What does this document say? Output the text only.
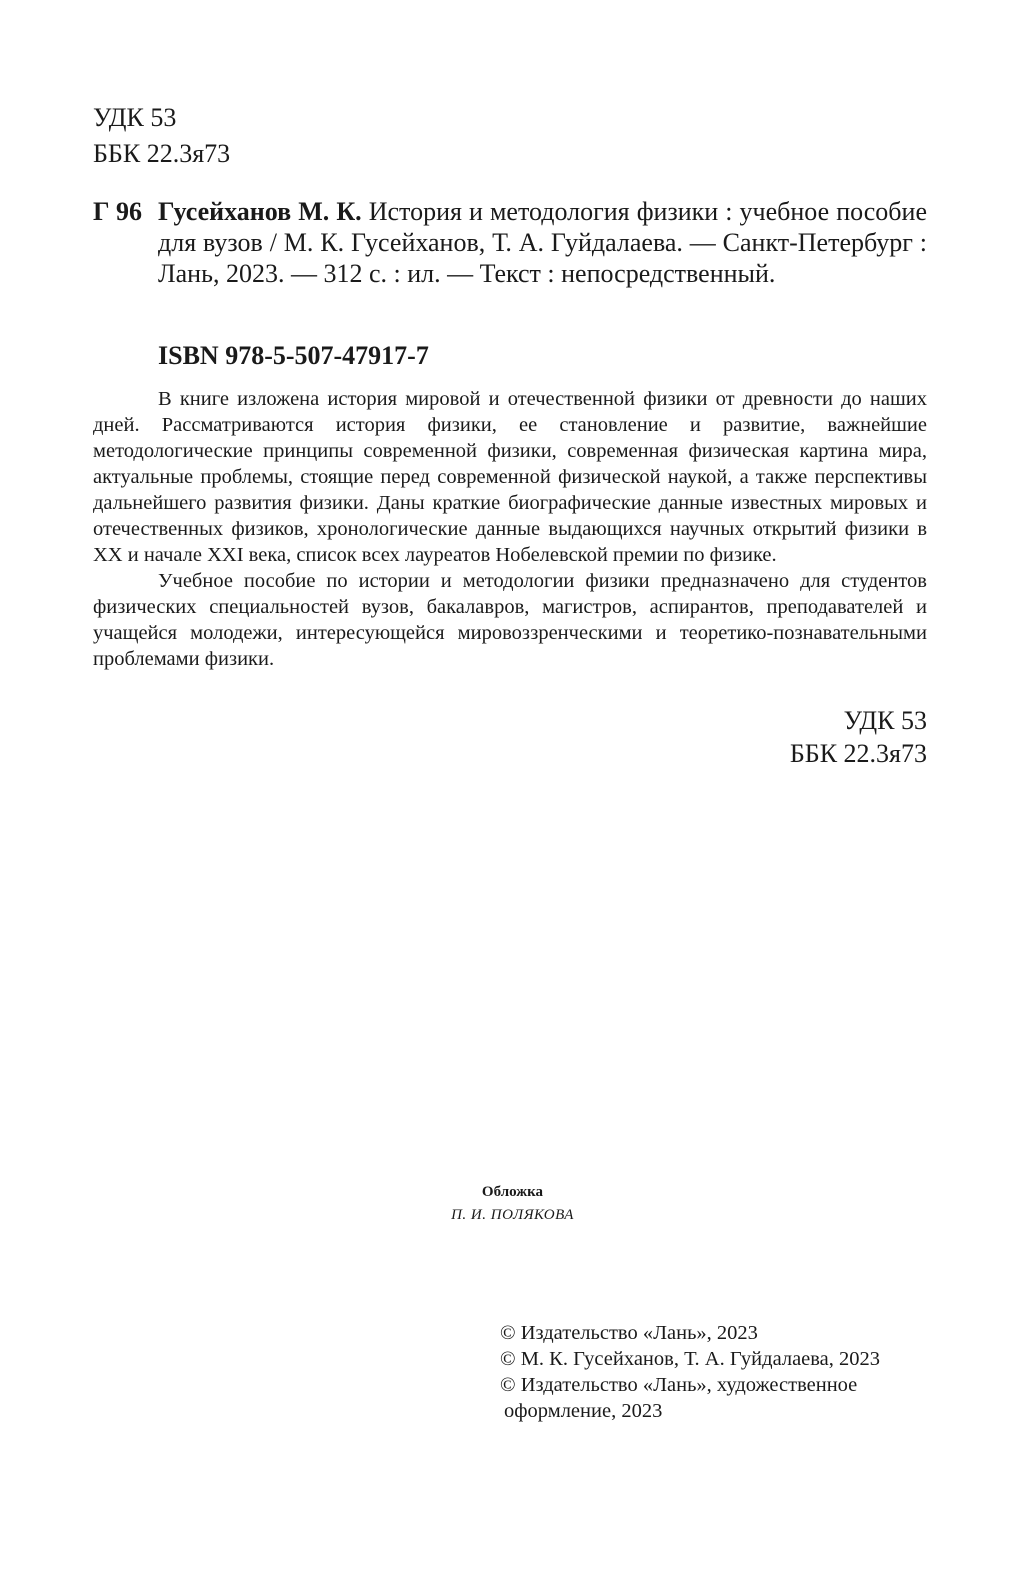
УДК 53
ББК 22.3я73
Г 96 Гусейханов М. К. История и методология физики : учебное пособие для вузов / М. К. Гусейханов, Т. А. Гуйдалаева. — Санкт-Петербург : Лань, 2023. — 312 с. : ил. — Текст : непосредственный.
ISBN 978-5-507-47917-7

В книге изложена история мировой и отечественной физики от древности до наших дней. Рассматриваются история физики, ее становление и развитие, важнейшие методологические принципы современной физики, современная физическая картина мира, актуальные проблемы, стоящие перед современной физической наукой, а также перспективы дальнейшего развития физики. Даны краткие биографические данные известных мировых и отечественных физиков, хронологические данные выдающихся научных открытий физики в XX и начале XXI века, список всех лауреатов Нобелевской премии по физике.

Учебное пособие по истории и методологии физики предназначено для студентов физических специальностей вузов, бакалавров, магистров, аспирантов, преподавателей и учащейся молодежи, интересующейся мировоззренческими и теоретико-познавательными проблемами физики.

УДК 53
ББК 22.3я73
Обложка
П. И. ПОЛЯКОВА
© Издательство «Лань», 2023
© М. К. Гусейханов, Т. А. Гуйдалаева, 2023
© Издательство «Лань», художественное
оформление, 2023
